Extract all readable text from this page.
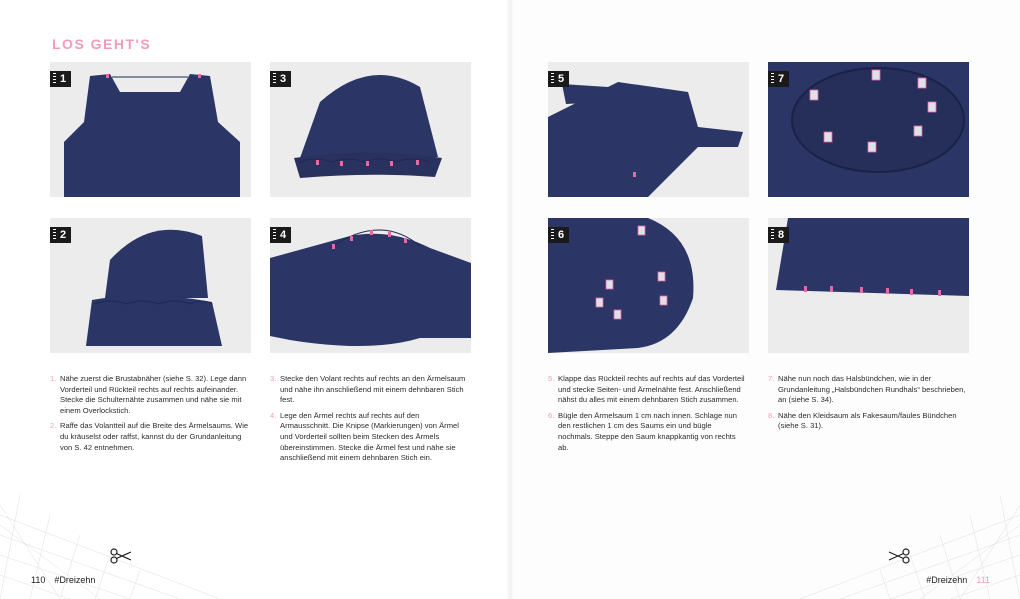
LOS GEHT'S
1
2
3
4
5
6
7
8
1. Nähe zuerst die Brustabnäher (siehe S. 32). Lege dann Vorderteil und Rückteil rechts auf rechts aufeinander. Stecke die Schulternähte zusammen und nähe sie mit einem Overlockstich.
2. Raffe das Volantteil auf die Breite des Ärmelsaums. Wie du kräuselst oder raffst, kannst du der Grundanleitung von S. 42 entnehmen.
3. Stecke den Volant rechts auf rechts an den Ärmelsaum und nähe ihn anschließend mit einem dehnbaren Stich fest.
4. Lege den Ärmel rechts auf rechts auf den Armausschnitt. Die Knipse (Markierungen) von Ärmel und Vorderteil sollten beim Stecken des Ärmels übereinstimmen. Stecke die Ärmel fest und nähe sie anschließend mit einem dehnbaren Stich ein.
5. Klappe das Rückteil rechts auf rechts auf das Vorderteil und stecke Seiten- und Ärmelnähte fest. Anschließend nähst du alles mit einem dehnbaren Stich zusammen.
6. Bügle den Ärmelsaum 1 cm nach innen. Schlage nun den restlichen 1 cm des Saums ein und bügle nochmals. Steppe den Saum knappkantig von rechts ab.
7. Nähe nun noch das Halsbündchen, wie in der Grundanleitung „Halsbündchen Rundhals“ beschrieben, an (siehe S. 34).
8. Nähe den Kleidsaum als Fakesaum/faules Bündchen (siehe S. 31).
110 #Dreizehn	#Dreizehn 111
